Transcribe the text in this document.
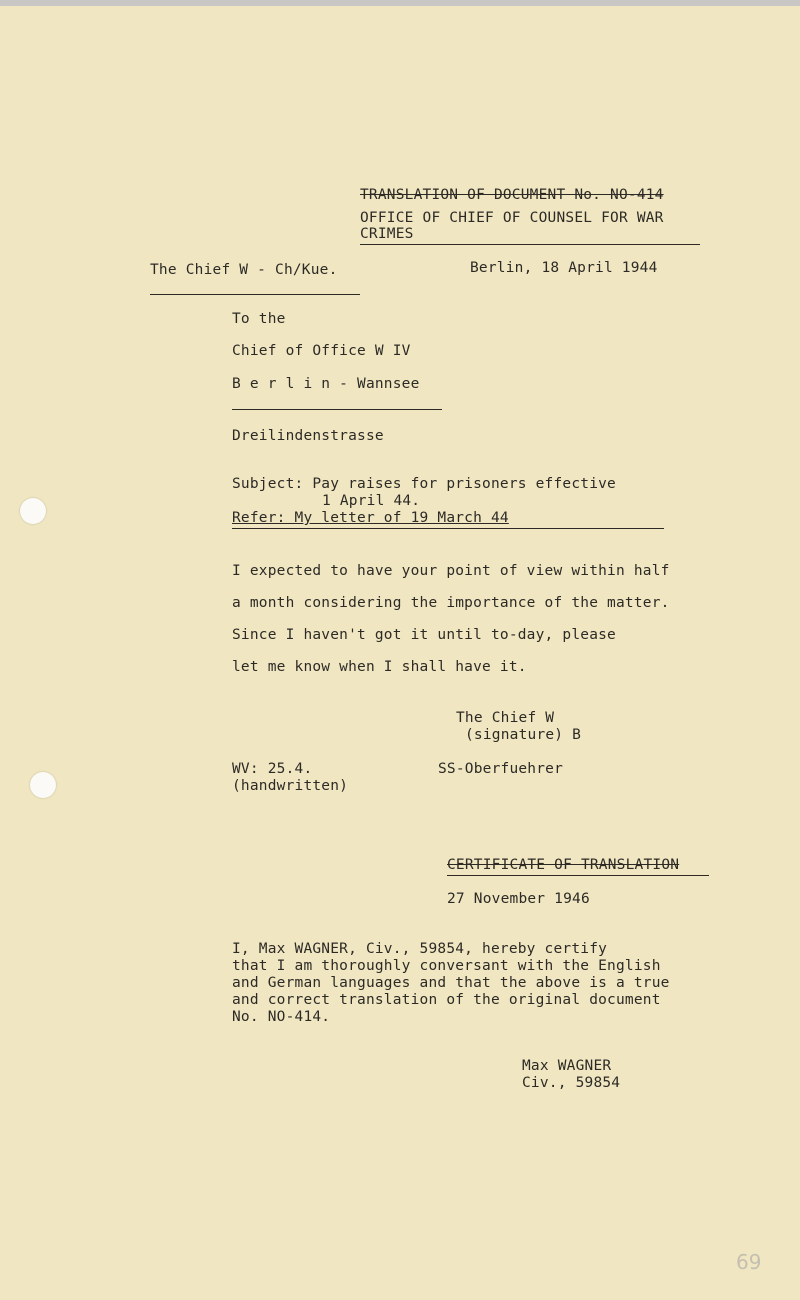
TRANSLATION OF DOCUMENT No. NO-414
OFFICE OF CHIEF OF COUNSEL FOR WAR
CRIMES
The Chief W - Ch/Kue.	Berlin, 18 April 1944
To the
Chief of Office W IV
B e r l i n - Wannsee
Dreilindenstrasse
Subject: Pay raises for prisoners effective
1 April 44.
Refer: My letter of 19 March 44
I expected to have your point of view within half
a month considering the importance of the matter.
Since I haven't got it until to-day, please
let me know when I shall have it.
The Chief W
(signature) B
WV: 25.4.	SS-Oberfuehrer
(handwritten)
CERTIFICATE OF TRANSLATION
27 November 1946
I, Max WAGNER, Civ., 59854, hereby certify
that I am thoroughly conversant with the English
and German languages and that the above is a true
and correct translation of the original document
No. NO-414.
Max WAGNER
Civ., 59854
69
